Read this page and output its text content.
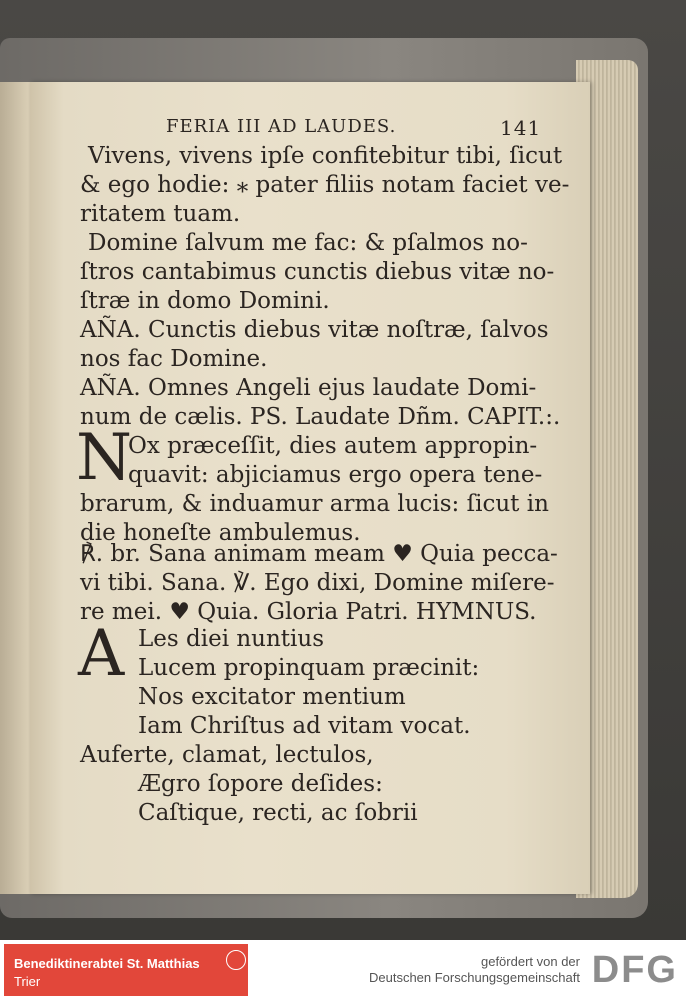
FERIA III AD LAUDES.	141
Vivens, vivens ipſe confitebitur tibi, ſicut
& ego hodie: ⁎ pater filiis notam faciet ve-
ritatem tuam.
Domine ſalvum me fac: & pſalmos no-
ſtros cantabimus cunctis diebus vitæ no-
ſtræ in domo Domini.
AÑA. Cunctis diebus vitæ noſtræ, ſalvos
nos fac Domine.
AÑA. Omnes Angeli ejus laudate Domi-
num de cælis. PS. Laudate Dñm. CAPIT.:.
N
Ox præceſſit, dies autem appropin-
quavit: abjiciamus ergo opera tene-
brarum, & induamur arma lucis: ſicut in
die honeſte ambulemus.
℟. br. Sana animam meam ♥ Quia pecca-
vi tibi. Sana. ℣. Ego dixi, Domine miſere-
re mei. ♥ Quia. Gloria Patri. HYMNUS.
A Les diei nuntius
Lucem propinquam præcinit:
Nos excitator mentium
Iam Chriſtus ad vitam vocat.
Auferte, clamat, lectulos,
Ægro ſopore deſides:
Caſtique, recti, ac ſobrii
Benediktinerabtei St. Matthias
Trier
gefördert von der
Deutschen Forschungsgemeinschaft DFG
